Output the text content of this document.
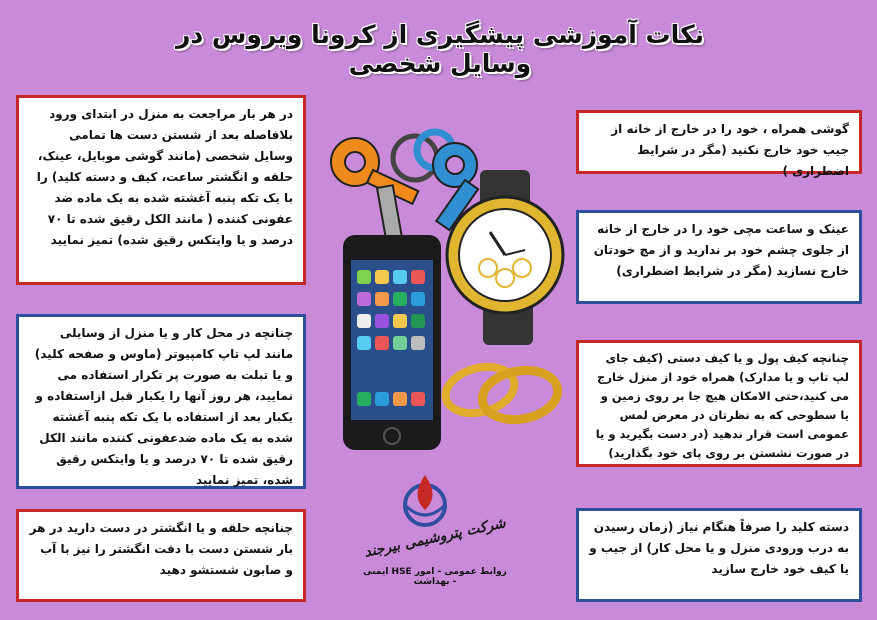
نکات آموزشی پیشگیری از کرونا ویروس در وسایل شخصی
در هر بار مراجعت به منزل در ابتدای ورود بلافاصله بعد از شستن دست ها تمامی وسایل شخصی (مانند گوشی موبایل، عینک، حلقه و انگشتر ساعت، کیف و دسته کلید) را با یک تکه پنبه آغشته شده به یک ماده ضد عفونی کننده ( مانند الکل رقیق شده تا ۷۰ درصد و یا وایتکس رقیق شده) تمیز نمایید
چنانچه در محل کار و یا منزل از وسایلی مانند لپ تاپ کامپیوتر (ماوس و صفحه کلید) و یا تبلت به صورت پر تکرار استفاده می نمایید، هر روز آنها را یکبار قبل ازاستفاده و یکبار بعد از استفاده با یک تکه پنبه آغشته شده به یک ماده ضدعفونی کننده مانند الکل رقیق شده تا ۷۰ درصد و یا وایتکس رقیق شده، تمیز نمایید
چنانچه حلقه و یا انگشتر در دست دارید در هر بار شستن دست با دقت انگشتر را نیز با آب و صابون شستشو دهید
گوشی همراه ، خود را در خارج از خانه از جیب خود خارج نکنید (مگر در شرایط اضطراری )
عینک و ساعت مچی خود را در خارج از خانه از جلوی چشم خود بر ندارید و از مچ خودتان خارج نسازید (مگر در شرایط اضطراری)
چنانچه کیف پول و یا کیف دستی (کیف جای لپ تاپ و یا مدارک) همراه خود از منزل خارج می کنید،حتی الامکان هیچ جا بر روی زمین و یا سطوحی که به نظرتان در معرض لمس عمومی است قرار ندهید (در دست بگیرید و یا در صورت نشستن بر روی پای خود بگذارید)
دسته کلید را صرفاً هنگام نیاز (زمان رسیدن به درب ورودی منزل و یا محل کار) از جیب و یا کیف خود خارج سازید
شرکت پتروشیمی بیرجند
روابط عمومی - امور HSE ایمنی - بهداشت
